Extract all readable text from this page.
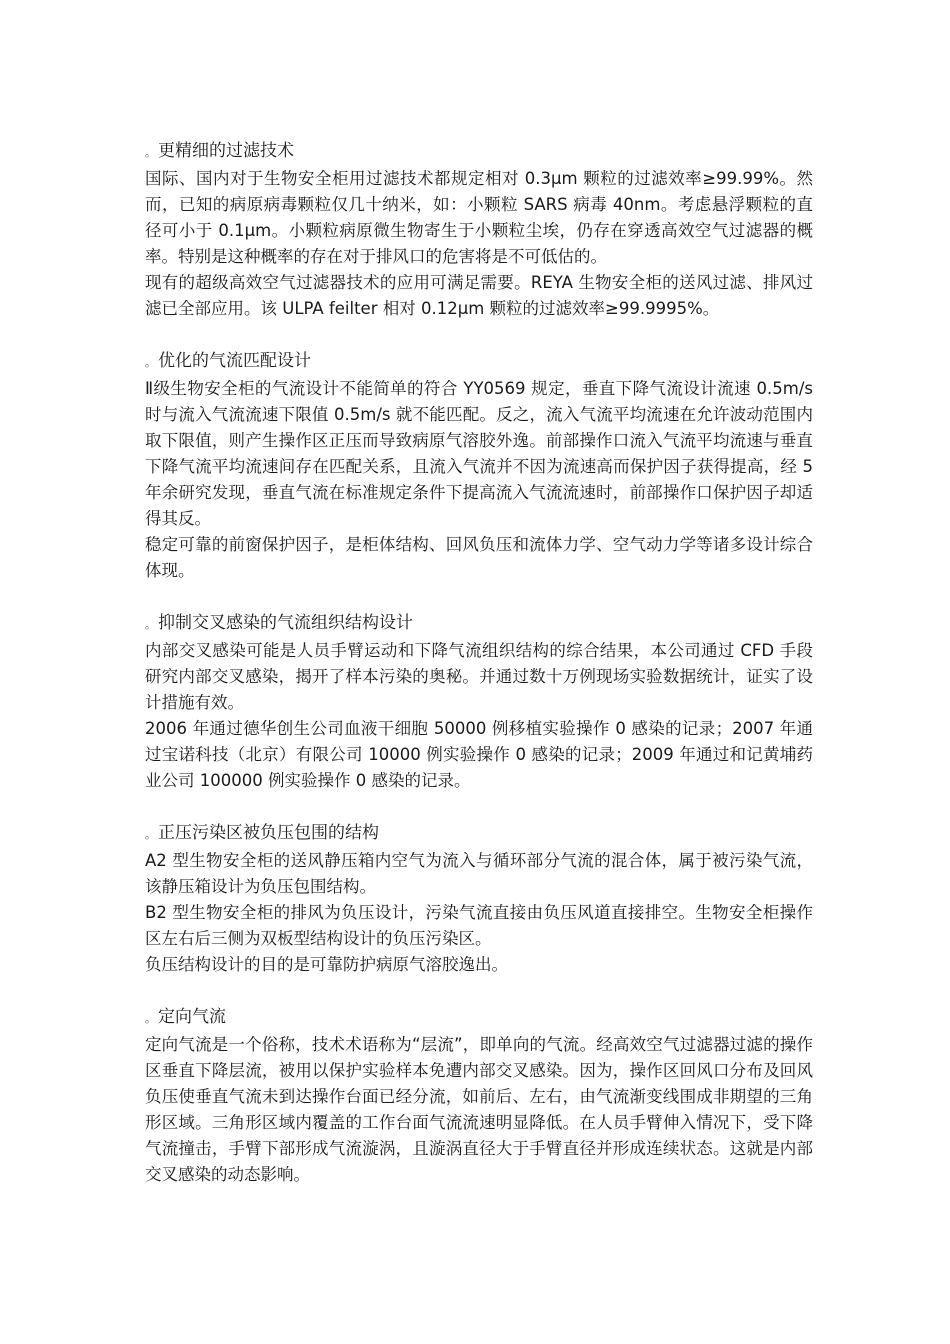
。 更精细的过滤技术

国际、国内对于生物安全柜用过滤技术都规定相对 0.3μm 颗粒的过滤效率≥99.99%。然而，已知的病原病毒颗粒仅几十纳米，如：小颗粒 SARS 病毒 40nm。考虑悬浮颗粒的直径可小于 0.1μm。小颗粒病原微生物寄生于小颗粒尘埃，仍存在穿透高效空气过滤器的概率。特别是这种概率的存在对于排风口的危害将是不可低估的。

现有的超级高效空气过滤器技术的应用可满足需要。REYA 生物安全柜的送风过滤、排风过滤已全部应用。该 ULPA feilter 相对 0.12μm 颗粒的过滤效率≥99.9995%。

。 优化的气流匹配设计

Ⅱ级生物安全柜的气流设计不能简单的符合 YY0569 规定，垂直下降气流设计流速 0.5m/s 时与流入气流流速下限值 0.5m/s 就不能匹配。反之，流入气流平均流速在允许波动范围内取下限值，则产生操作区正压而导致病原气溶胶外逸。前部操作口流入气流平均流速与垂直下降气流平均流速间存在匹配关系，且流入气流并不因为流速高而保护因子获得提高，经 5 年余研究发现，垂直气流在标准规定条件下提高流入气流流速时，前部操作口保护因子却适得其反。

稳定可靠的前窗保护因子，是柜体结构、回风负压和流体力学、空气动力学等诸多设计综合体现。

。 抑制交叉感染的气流组织结构设计

内部交叉感染可能是人员手臂运动和下降气流组织结构的综合结果，本公司通过 CFD 手段研究内部交叉感染，揭开了样本污染的奥秘。并通过数十万例现场实验数据统计，证实了设计措施有效。

2006 年通过德华创生公司血液干细胞 50000 例移植实验操作 0 感染的记录；2007 年通过宝诺科技（北京）有限公司 10000 例实验操作 0 感染的记录；2009 年通过和记黄埔药业公司 100000 例实验操作 0 感染的记录。

。 正压污染区被负压包围的结构

A2 型生物安全柜的送风静压箱内空气为流入与循环部分气流的混合体，属于被污染气流，该静压箱设计为负压包围结构。

B2 型生物安全柜的排风为负压设计，污染气流直接由负压风道直接排空。生物安全柜操作区左右后三侧为双板型结构设计的负压污染区。

负压结构设计的目的是可靠防护病原气溶胶逸出。

。 定向气流

定向气流是一个俗称，技术术语称为“层流”，即单向的气流。经高效空气过滤器过滤的操作区垂直下降层流，被用以保护实验样本免遭内部交叉感染。因为，操作区回风口分布及回风负压使垂直气流未到达操作台面已经分流，如前后、左右，由气流渐变线围成非期望的三角形区域。三角形区域内覆盖的工作台面气流流速明显降低。在人员手臂伸入情况下，受下降气流撞击，手臂下部形成气流漩涡，且漩涡直径大于手臂直径并形成连续状态。这就是内部交叉感染的动态影响。
